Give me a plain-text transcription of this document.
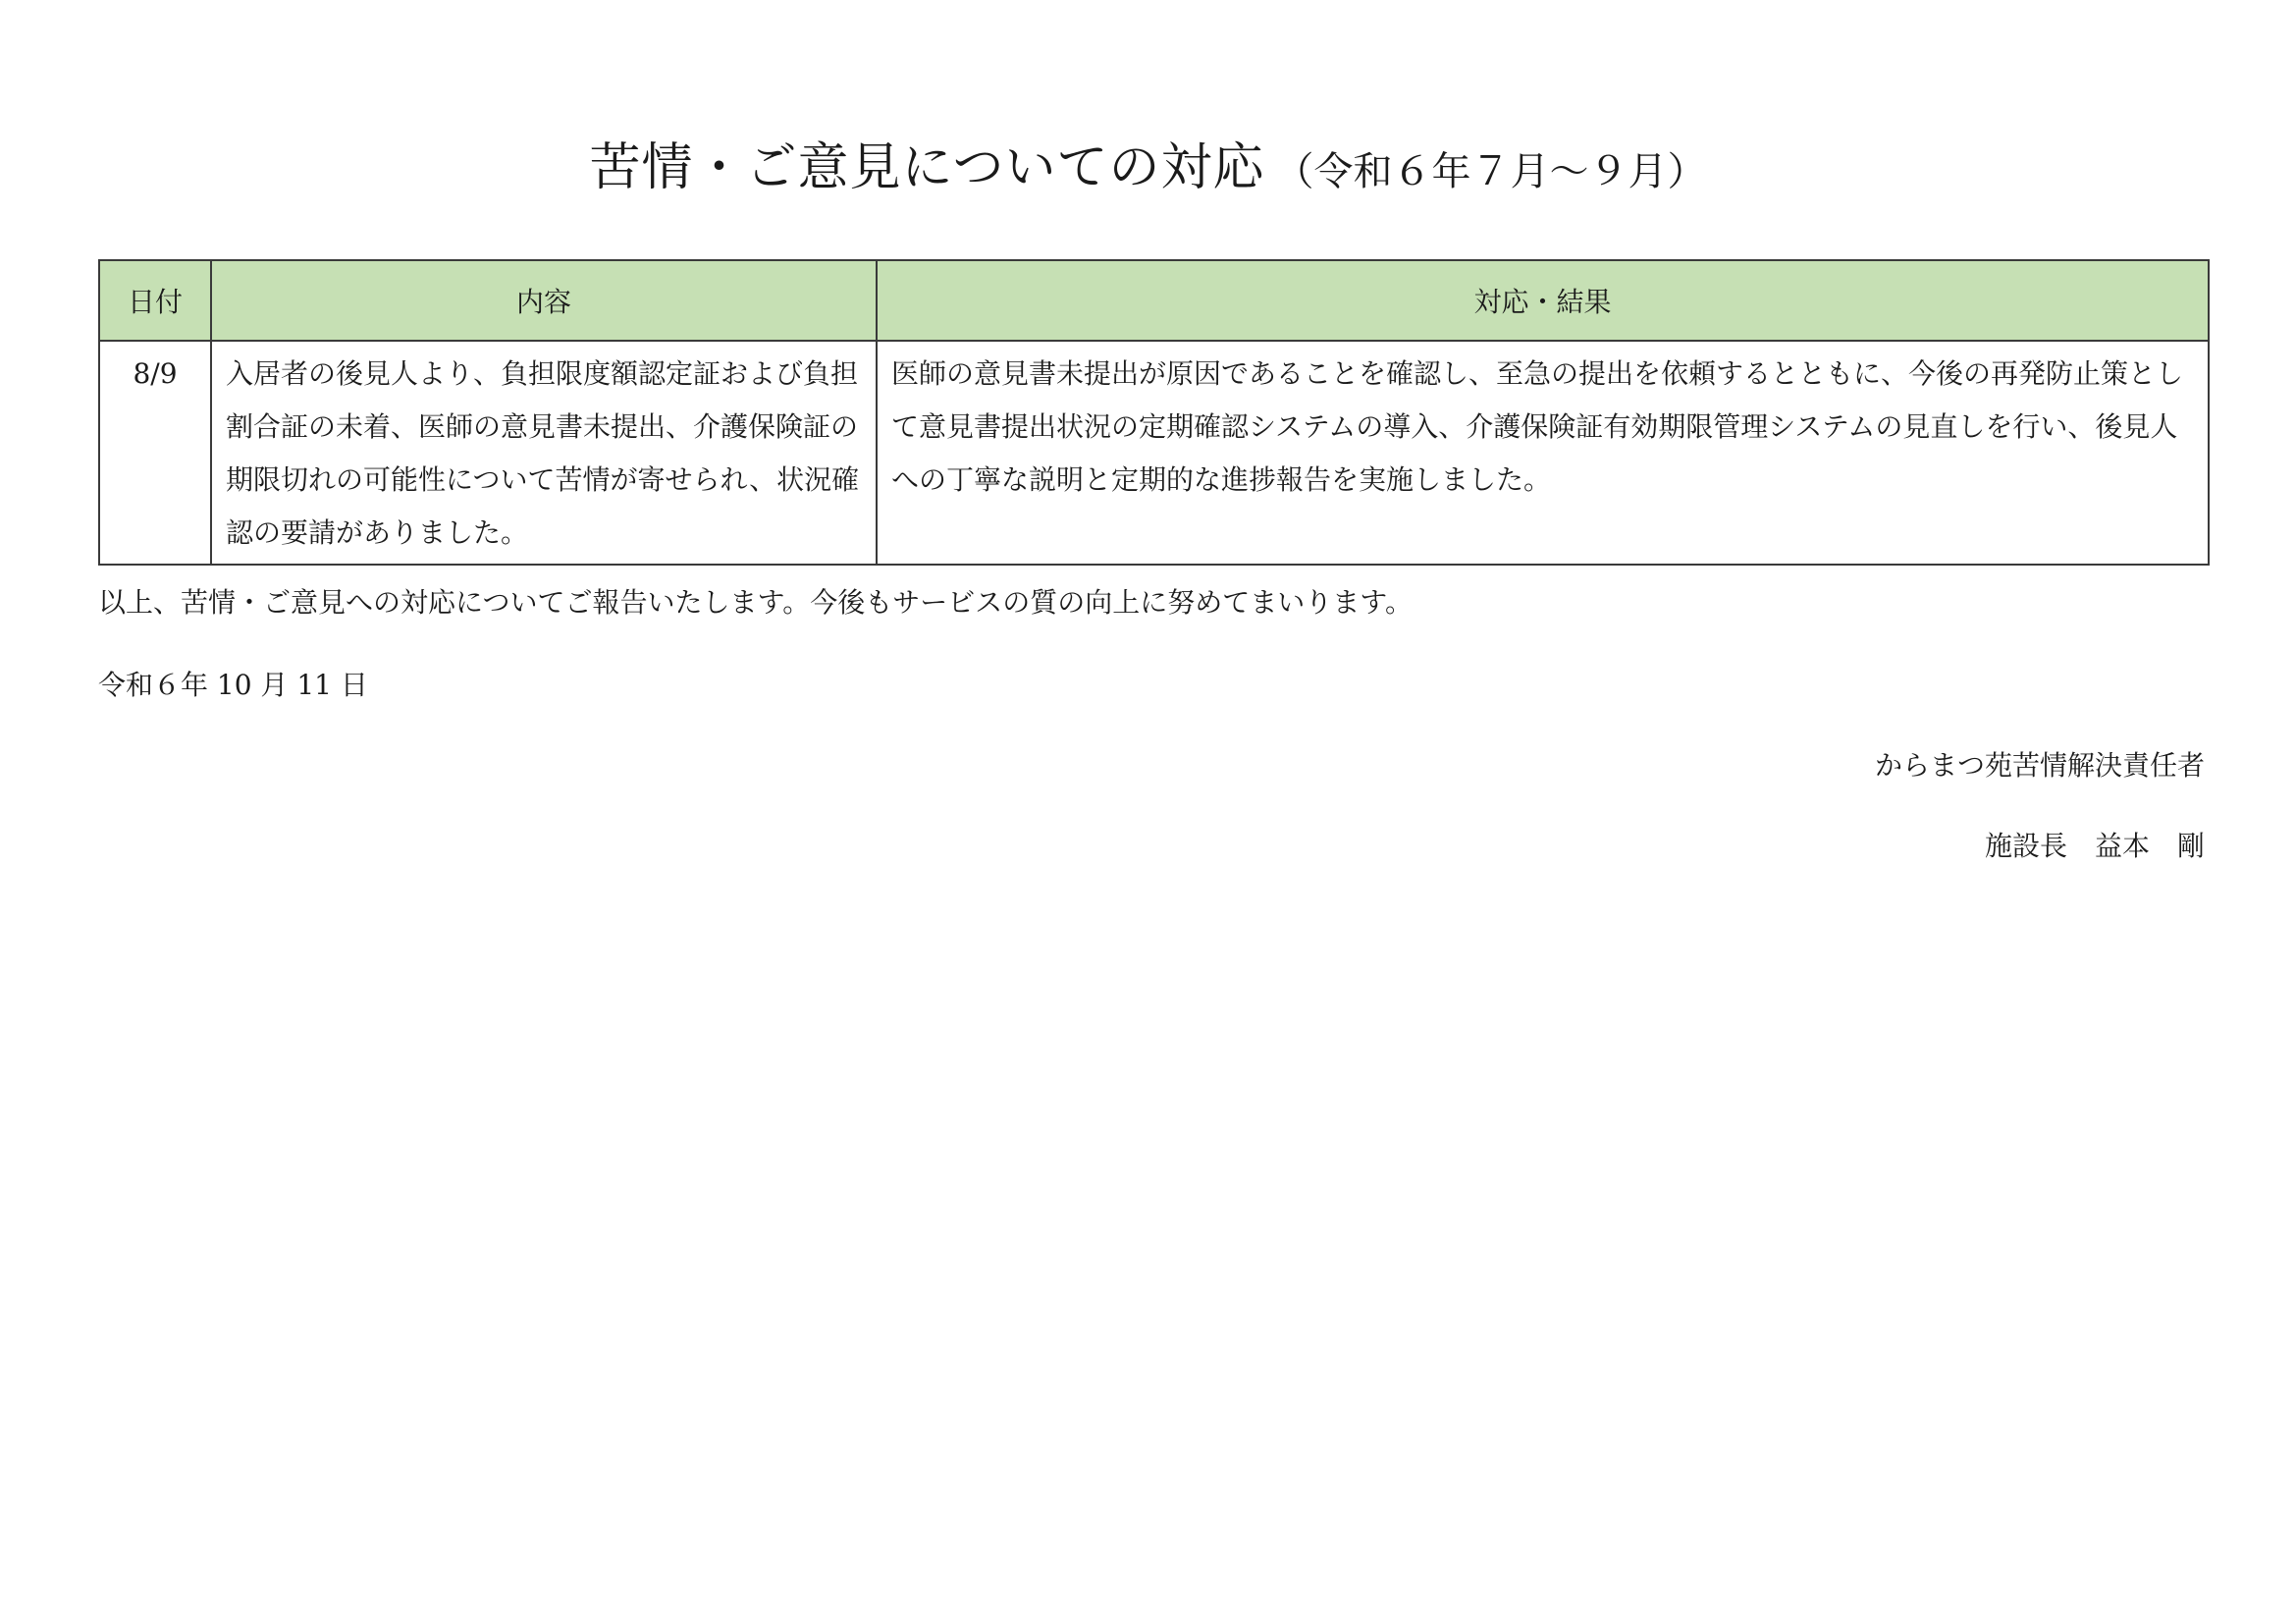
苦情・ご意見についての対応 （令和６年７月〜９月）
日付	内容	対応・結果
8/9	入居者の後見人より、負担限度額認定証および負担割合証の未着、医師の意見書未提出、介護保険証の期限切れの可能性について苦情が寄せられ、状況確認の要請がありました。	医師の意見書未提出が原因であることを確認し、至急の提出を依頼するとともに、今後の再発防止策として意見書提出状況の定期確認システムの導入、介護保険証有効期限管理システムの見直しを行い、後見人への丁寧な説明と定期的な進捗報告を実施しました。
以上、苦情・ご意見への対応についてご報告いたします。今後もサービスの質の向上に努めてまいります。
令和６年 10 月 11 日
からまつ苑苦情解決責任者
施設長　益本　剛
